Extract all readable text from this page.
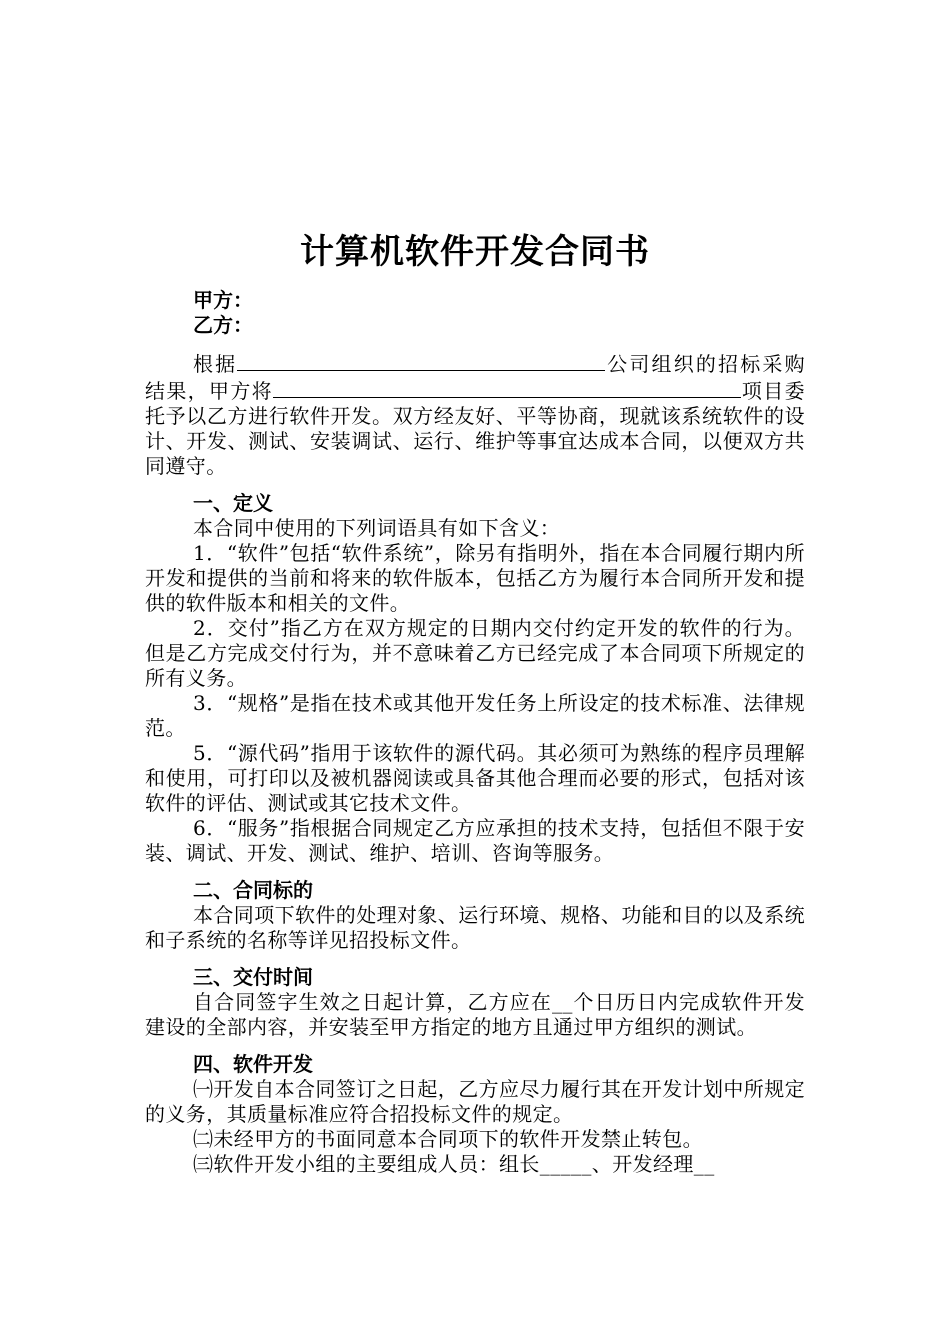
计算机软件开发合同书

甲方：

乙方：

根据	公司组织的招标采购结果，甲方将	项目委托予以乙方进行软件开发。双方经友好、平等协商，现就该系统软件的设计、开发、测试、安装调试、运行、维护等事宜达成本合同，以便双方共同遵守。

一、定义

本合同中使用的下列词语具有如下含义：

1．“软件”包括“软件系统”，除另有指明外，指在本合同履行期内所开发和提供的当前和将来的软件版本，包括乙方为履行本合同所开发和提供的软件版本和相关的文件。

2．交付”指乙方在双方规定的日期内交付约定开发的软件的行为。但是乙方完成交付行为，并不意味着乙方已经完成了本合同项下所规定的所有义务。

3．“规格”是指在技术或其他开发任务上所设定的技术标准、法律规范。

5．“源代码”指用于该软件的源代码。其必须可为熟练的程序员理解和使用，可打印以及被机器阅读或具备其他合理而必要的形式，包括对该软件的评估、测试或其它技术文件。

6．“服务”指根据合同规定乙方应承担的技术支持，包括但不限于安装、调试、开发、测试、维护、培训、咨询等服务。

二、合同标的

本合同项下软件的处理对象、运行环境、规格、功能和目的以及系统和子系统的名称等详见招投标文件。

三、交付时间

自合同签字生效之日起计算，乙方应在__个日历日内完成软件开发建设的全部内容，并安装至甲方指定的地方且通过甲方组织的测试。

四、软件开发

㈠开发自本合同签订之日起，乙方应尽力履行其在开发计划中所规定的义务，其质量标准应符合招投标文件的规定。

㈡未经甲方的书面同意本合同项下的软件开发禁止转包。

㈢软件开发小组的主要组成人员：组长_____、开发经理__
